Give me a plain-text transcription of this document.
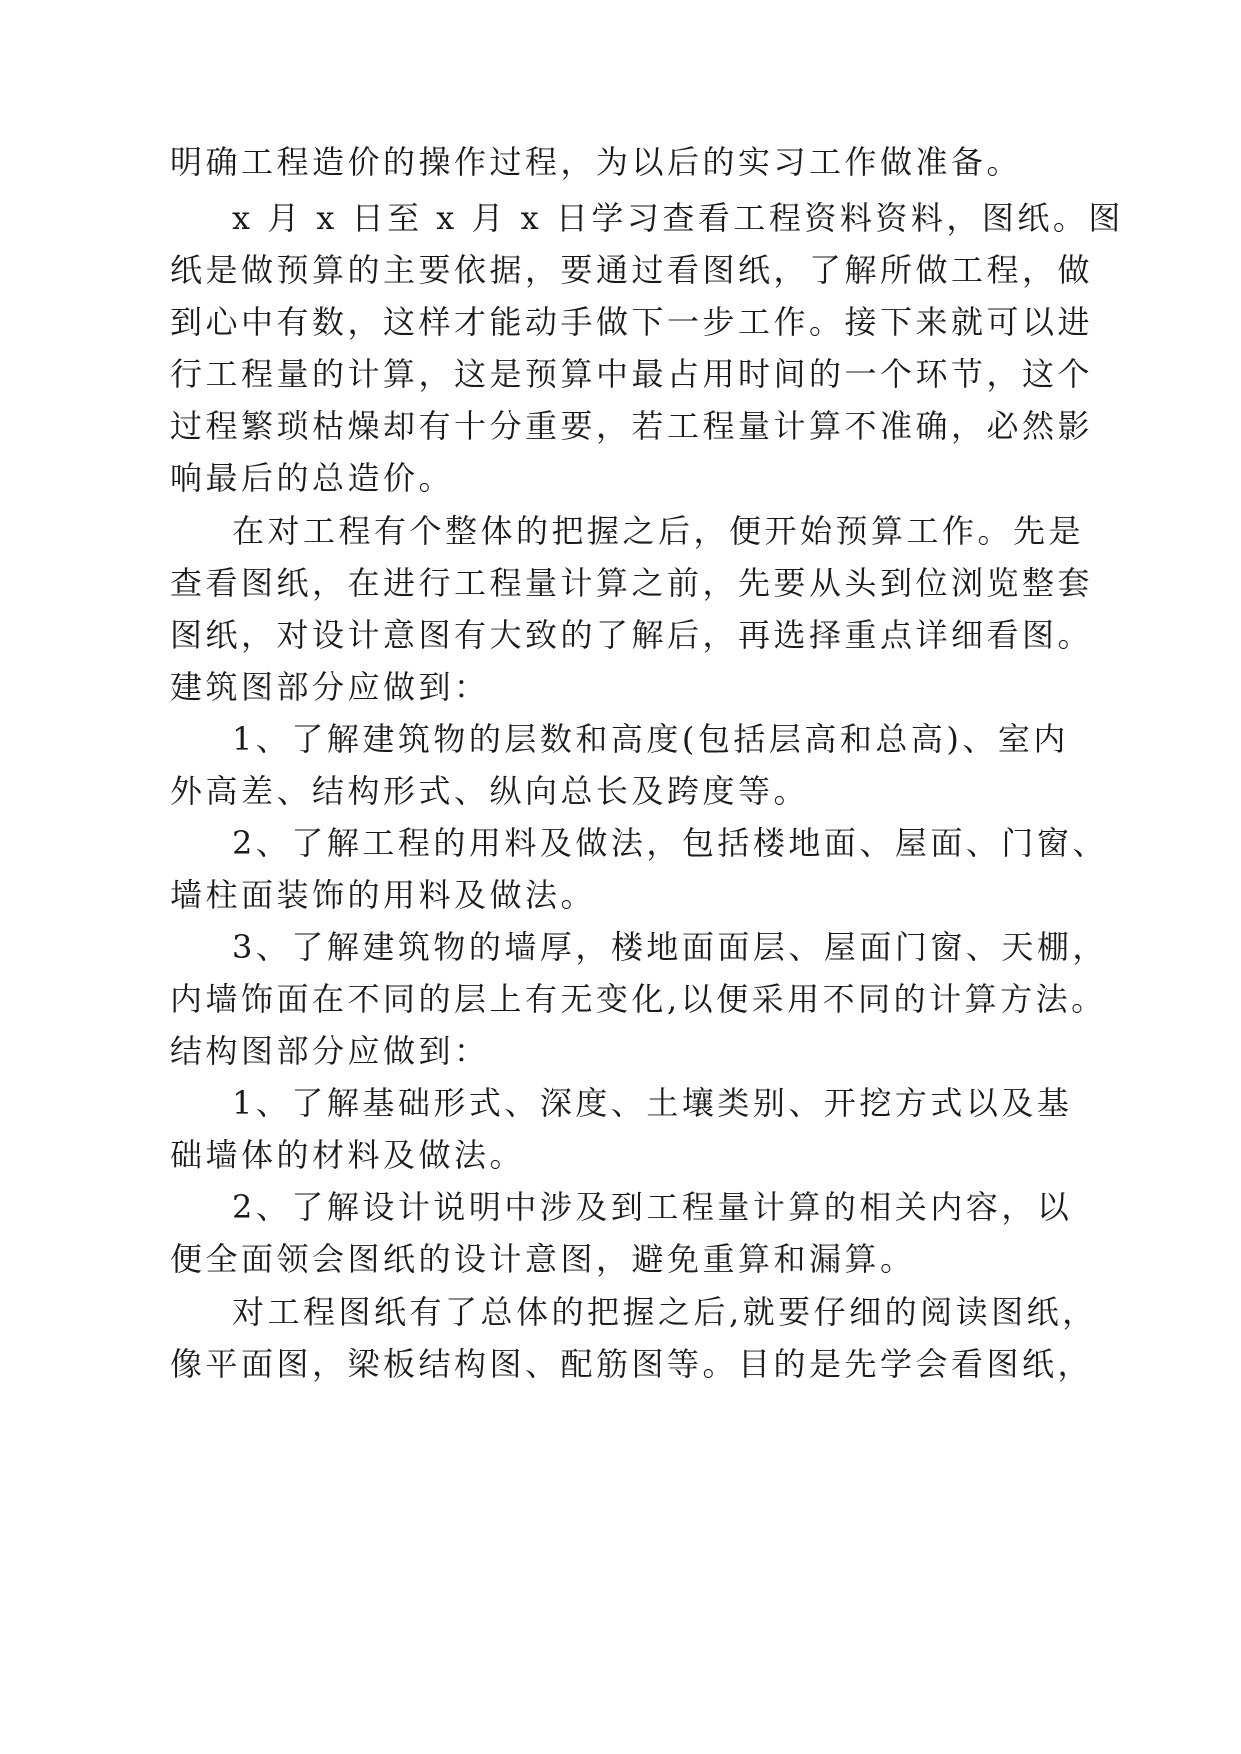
明确工程造价的操作过程，为以后的实习工作做准备。
x 月 x 日至 x 月 x 日学习查看工程资料资料，图纸。图
纸是做预算的主要依据，要通过看图纸，了解所做工程，做
到心中有数，这样才能动手做下一步工作。接下来就可以进
行工程量的计算，这是预算中最占用时间的一个环节，这个
过程繁琐枯燥却有十分重要，若工程量计算不准确，必然影
响最后的总造价。
在对工程有个整体的把握之后，便开始预算工作。先是
查看图纸，在进行工程量计算之前，先要从头到位浏览整套
图纸，对设计意图有大致的了解后，再选择重点详细看图。
建筑图部分应做到：
1、了解建筑物的层数和高度(包括层高和总高)、室内
外高差、结构形式、纵向总长及跨度等。
2、了解工程的用料及做法，包括楼地面、屋面、门窗、
墙柱面装饰的用料及做法。
3、了解建筑物的墙厚，楼地面面层、屋面门窗、天棚，
内墙饰面在不同的层上有无变化,以便采用不同的计算方法。
结构图部分应做到：
1、了解基础形式、深度、土壤类别、开挖方式以及基
础墙体的材料及做法。
2、了解设计说明中涉及到工程量计算的相关内容，以
便全面领会图纸的设计意图，避免重算和漏算。
对工程图纸有了总体的把握之后,就要仔细的阅读图纸，
像平面图，梁板结构图、配筋图等。目的是先学会看图纸，
